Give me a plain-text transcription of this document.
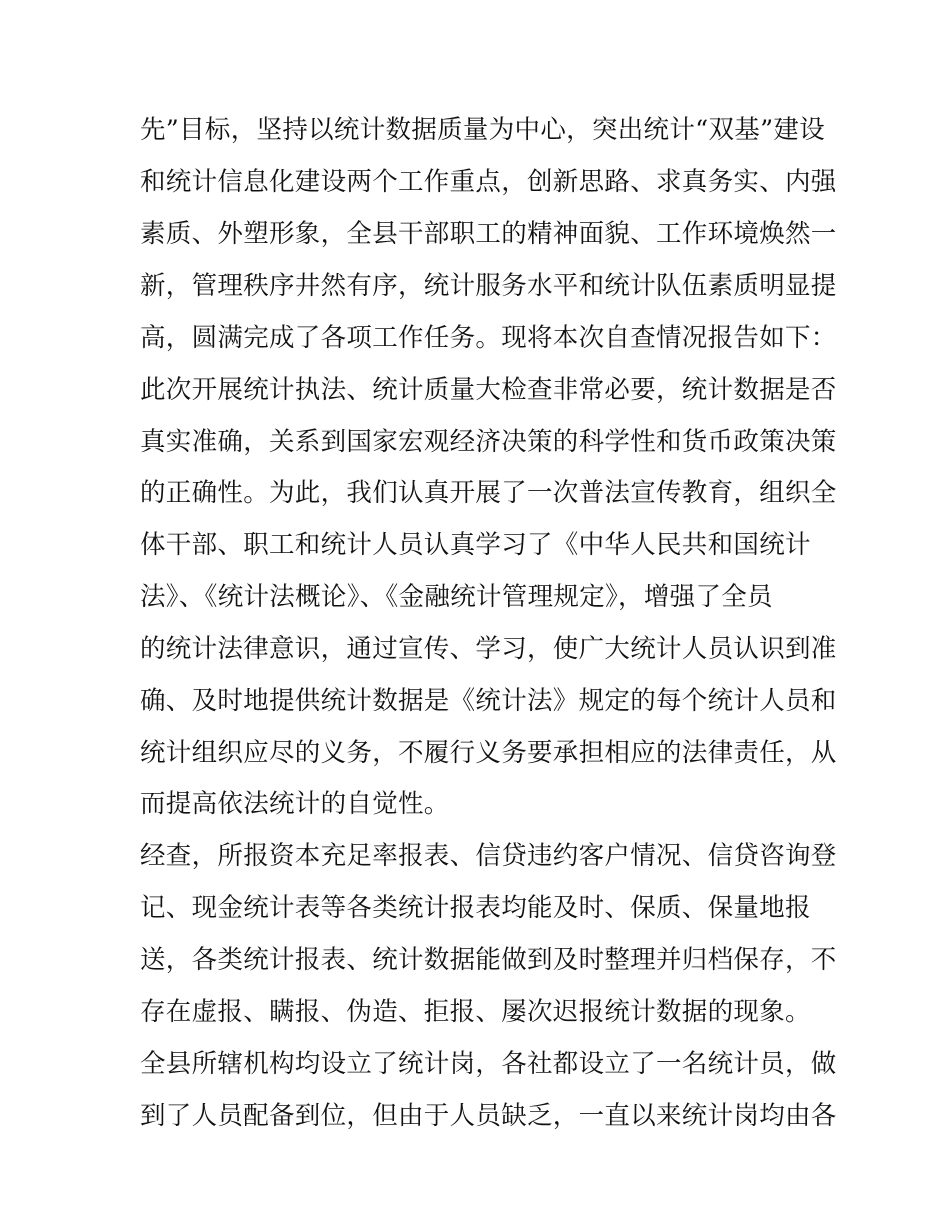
先”目标，坚持以统计数据质量为中心，突出统计“双基”建设
和统计信息化建设两个工作重点，创新思路、求真务实、内强
素质、外塑形象，全县干部职工的精神面貌、工作环境焕然一
新，管理秩序井然有序，统计服务水平和统计队伍素质明显提
高，圆满完成了各项工作任务。现将本次自查情况报告如下：
此次开展统计执法、统计质量大检查非常必要，统计数据是否
真实准确，关系到国家宏观经济决策的科学性和货币政策决策
的正确性。为此，我们认真开展了一次普法宣传教育，组织全
体干部、职工和统计人员认真学习了《中华人民共和国统计
法》、《统计法概论》、《金融统计管理规定》，增强了全员
的统计法律意识，通过宣传、学习，使广大统计人员认识到准
确、及时地提供统计数据是《统计法》规定的每个统计人员和
统计组织应尽的义务，不履行义务要承担相应的法律责任，从
而提高依法统计的自觉性。
经查，所报资本充足率报表、信贷违约客户情况、信贷咨询登
记、现金统计表等各类统计报表均能及时、保质、保量地报
送，各类统计报表、统计数据能做到及时整理并归档保存，不
存在虚报、瞒报、伪造、拒报、屡次迟报统计数据的现象。
全县所辖机构均设立了统计岗，各社都设立了一名统计员，做
到了人员配备到位，但由于人员缺乏，一直以来统计岗均由各
